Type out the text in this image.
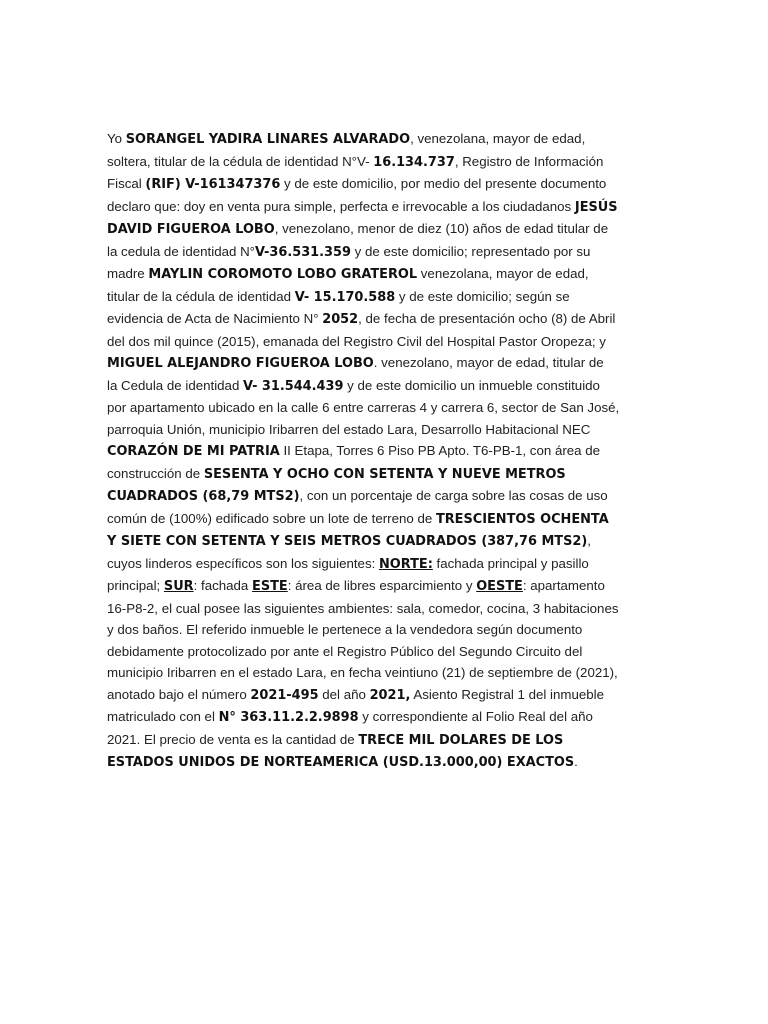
Yo SORANGEL YADIRA LINARES ALVARADO, venezolana, mayor de edad,
soltera, titular de la cédula de identidad N°V- 16.134.737, Registro de Información
Fiscal (RIF) V-161347376 y de este domicilio, por medio del presente documento
declaro que: doy en venta pura simple, perfecta e irrevocable a los ciudadanos JESÚS
DAVID FIGUEROA LOBO, venezolano, menor de diez (10) años de edad titular de
la cedula de identidad N°V-36.531.359 y de este domicilio; representado por su
madre MAYLIN COROMOTO LOBO GRATEROL venezolana, mayor de edad,
titular de la cédula de identidad V- 15.170.588 y de este domicilio; según se
evidencia de Acta de Nacimiento N° 2052, de fecha de presentación ocho (8) de Abril
del dos mil quince (2015), emanada del Registro Civil del Hospital Pastor Oropeza; y
MIGUEL ALEJANDRO FIGUEROA LOBO. venezolano, mayor de edad, titular de
la Cedula de identidad V- 31.544.439 y de este domicilio un inmueble constituido
por apartamento ubicado en la calle 6 entre carreras 4 y carrera 6, sector de San José,
parroquia Unión, municipio Iribarren del estado Lara, Desarrollo Habitacional NEC
CORAZÓN DE MI PATRIA II Etapa, Torres 6 Piso PB Apto. T6-PB-1, con área de
construcción de SESENTA Y OCHO CON SETENTA Y NUEVE METROS
CUADRADOS (68,79 MTS2), con un porcentaje de carga sobre las cosas de uso
común de (100%) edificado sobre un lote de terreno de TRESCIENTOS OCHENTA
Y SIETE CON SETENTA Y SEIS METROS CUADRADOS (387,76 MTS2),
cuyos linderos específicos son los siguientes: NORTE: fachada principal y pasillo
principal; SUR: fachada ESTE: área de libres esparcimiento y OESTE: apartamento
16-P8-2, el cual posee las siguientes ambientes: sala, comedor, cocina, 3 habitaciones
y dos baños. El referido inmueble le pertenece a la vendedora según documento
debidamente protocolizado por ante el Registro Público del Segundo Circuito del
municipio Iribarren en el estado Lara, en fecha veintiuno (21) de septiembre de (2021),
anotado bajo el número 2021-495 del año 2021, Asiento Registral 1 del inmueble
matriculado con el N° 363.11.2.2.9898 y correspondiente al Folio Real del año
2021. El precio de venta es la cantidad de TRECE MIL DOLARES DE LOS
ESTADOS UNIDOS DE NORTEAMERICA (USD.13.000,00) EXACTOS.
